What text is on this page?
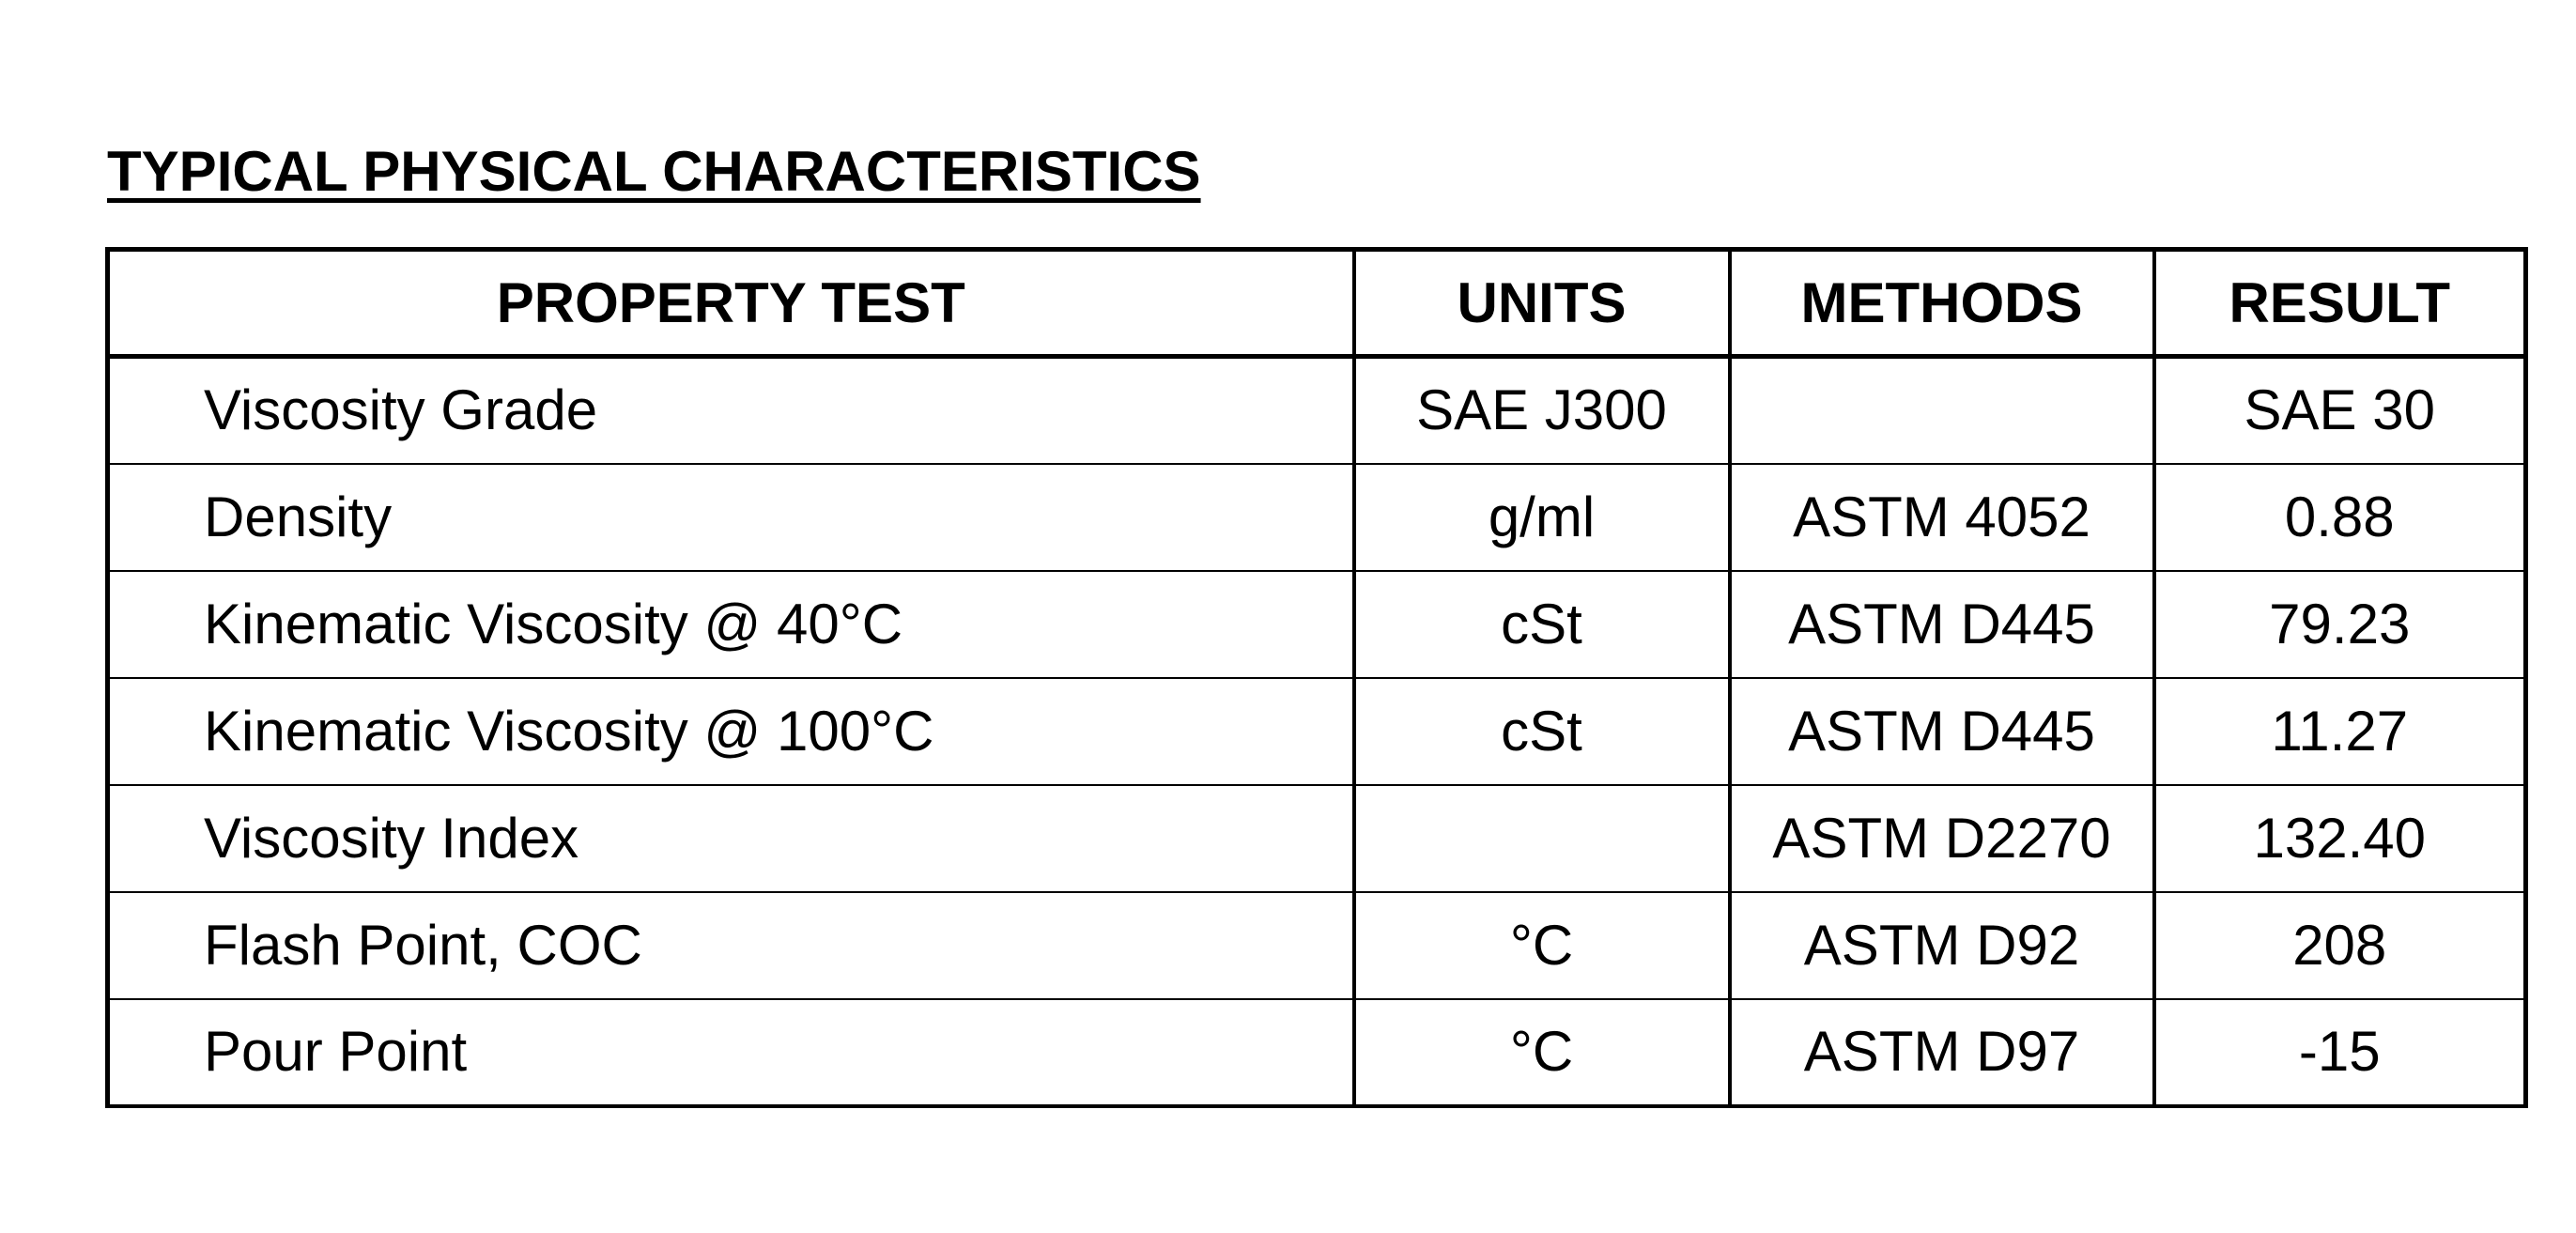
TYPICAL PHYSICAL CHARACTERISTICS
PROPERTY TEST	UNITS	METHODS	RESULT
Viscosity Grade	SAE J300		SAE 30
Density	g/ml	ASTM 4052	0.88
Kinematic Viscosity @ 40°C	cSt	ASTM D445	79.23
Kinematic Viscosity @ 100°C	cSt	ASTM D445	11.27
Viscosity Index		ASTM D2270	132.40
Flash Point, COC	°C	ASTM D92	208
Pour Point	°C	ASTM D97	-15
